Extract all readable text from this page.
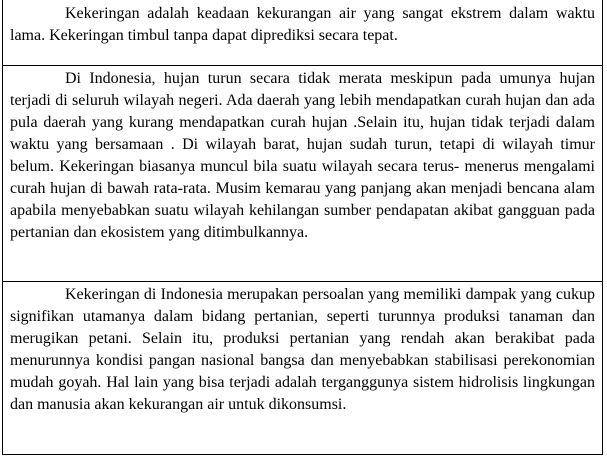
Kekeringan adalah keadaan kekurangan air yang sangat ekstrem dalam waktu lama. Kekeringan timbul tanpa dapat diprediksi secara tepat.

Di Indonesia, hujan turun secara tidak merata meskipun pada umunya hujan terjadi di seluruh wilayah negeri. Ada daerah yang lebih mendapatkan curah hujan dan ada pula daerah yang kurang mendapatkan curah hujan .Selain itu, hujan tidak terjadi dalam waktu yang bersamaan . Di wilayah barat, hujan sudah turun, tetapi di wilayah timur belum. Kekeringan biasanya muncul bila suatu wilayah secara terus- menerus mengalami curah hujan di bawah rata-rata. Musim kemarau yang panjang akan menjadi bencana alam apabila menyebabkan suatu wilayah kehilangan sumber pendapatan akibat gangguan pada pertanian dan ekosistem yang ditimbulkannya.

Kekeringan di Indonesia merupakan persoalan yang memiliki dampak yang cukup signifikan utamanya dalam bidang pertanian, seperti turunnya produksi tanaman dan merugikan petani. Selain itu, produksi pertanian yang rendah akan berakibat pada menurunnya kondisi pangan nasional bangsa dan menyebabkan stabilisasi perekonomian mudah goyah. Hal lain yang bisa terjadi adalah terganggunya sistem hidrolisis lingkungan dan manusia akan kekurangan air untuk dikonsumsi.
